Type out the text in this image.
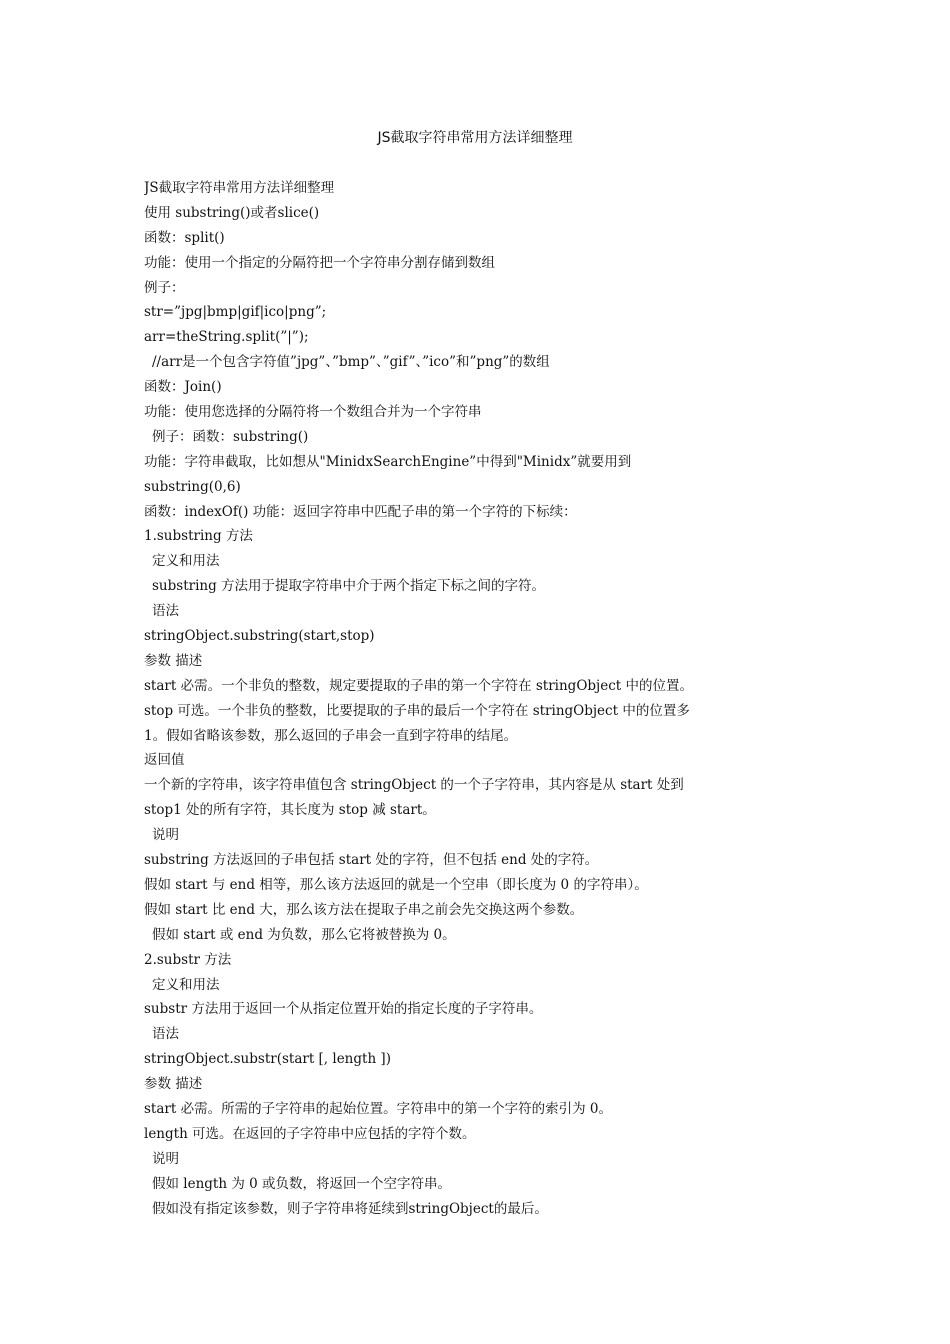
JS截取字符串常用方法详细整理
JS截取字符串常用方法详细整理
使用 substring()或者slice()
函数：split()
功能：使用一个指定的分隔符把一个字符串分割存储到数组
例子：
str=”jpg|bmp|gif|ico|png”;
arr=theString.split(”|”);
//arr是一个包含字符值”jpg”、”bmp”、”gif”、”ico”和”png”的数组
函数：Join()
功能：使用您选择的分隔符将一个数组合并为一个字符串
例子：函数：substring()
功能：字符串截取，比如想从"MinidxSearchEngine”中得到"Minidx”就要用到
substring(0,6)
函数：indexOf() 功能：返回字符串中匹配子串的第一个字符的下标续：
1.substring 方法
定义和用法
substring 方法用于提取字符串中介于两个指定下标之间的字符。
语法
stringObject.substring(start,stop)
参数 描述
start 必需。一个非负的整数，规定要提取的子串的第一个字符在 stringObject 中的位置。
stop 可选。一个非负的整数，比要提取的子串的最后一个字符在 stringObject 中的位置多
1。假如省略该参数，那么返回的子串会一直到字符串的结尾。
返回值
一个新的字符串，该字符串值包含 stringObject 的一个子字符串，其内容是从 start 处到
stop1 处的所有字符，其长度为 stop 减 start。
说明
substring 方法返回的子串包括 start 处的字符，但不包括 end 处的字符。
假如 start 与 end 相等，那么该方法返回的就是一个空串（即长度为 0 的字符串）。
假如 start 比 end 大，那么该方法在提取子串之前会先交换这两个参数。
假如 start 或 end 为负数，那么它将被替换为 0。
2.substr 方法
定义和用法
substr 方法用于返回一个从指定位置开始的指定长度的子字符串。
语法
stringObject.substr(start [, length ])
参数 描述
start 必需。所需的子字符串的起始位置。字符串中的第一个字符的索引为 0。
length 可选。在返回的子字符串中应包括的字符个数。
说明
假如 length 为 0 或负数，将返回一个空字符串。
假如没有指定该参数，则子字符串将延续到stringObject的最后。
